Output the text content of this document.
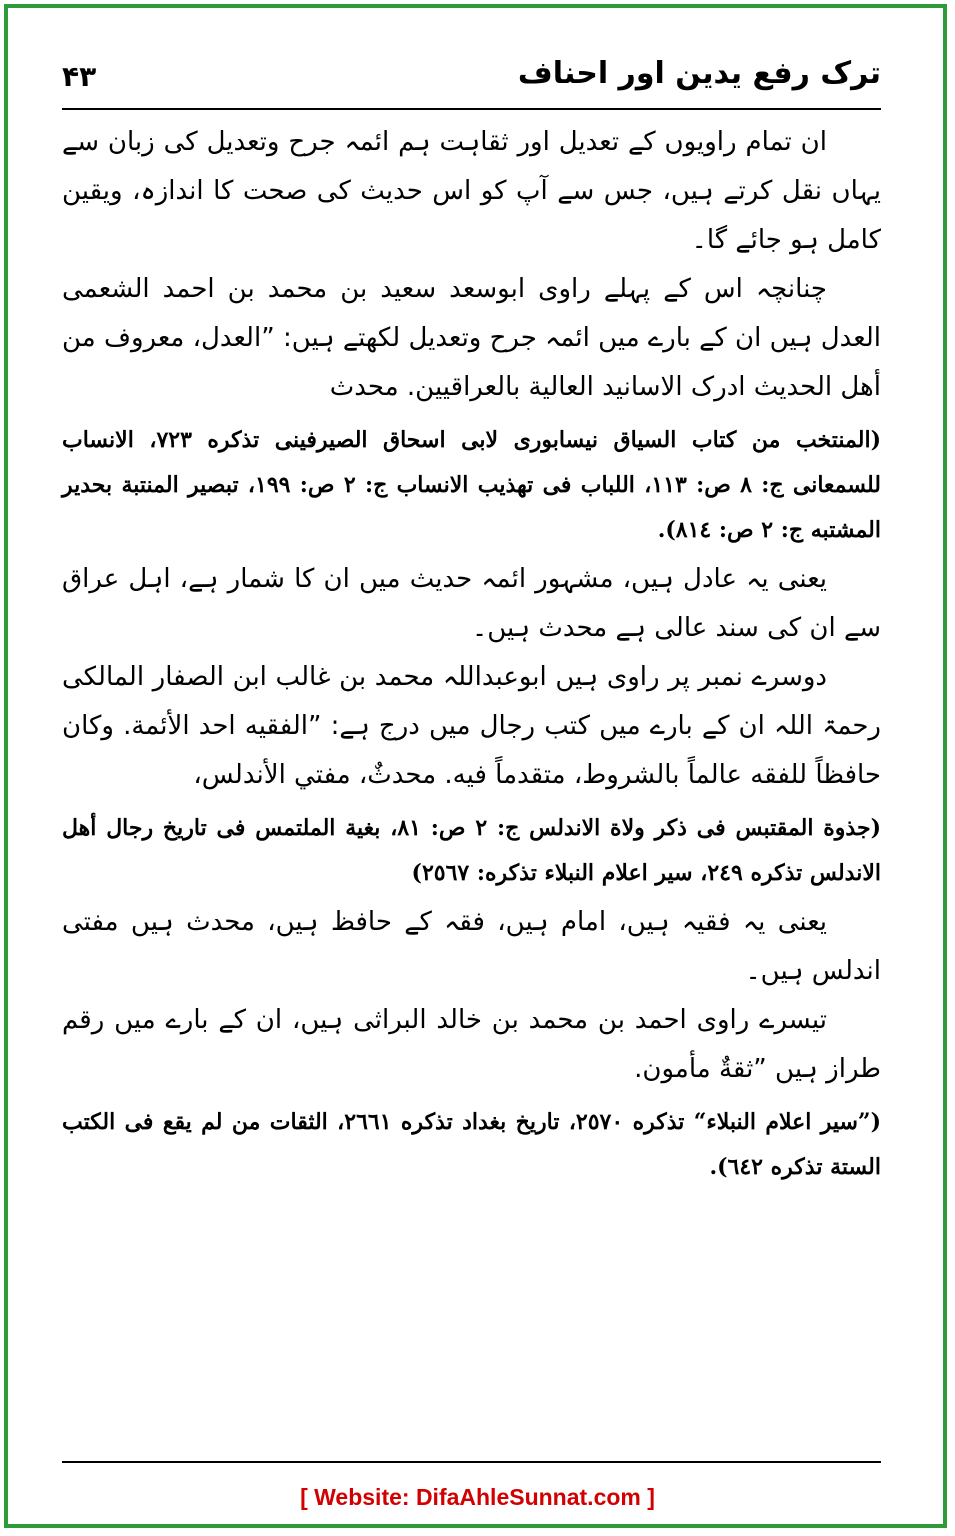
ترک رفع یدین اور احناف
۴۳

ان تمام راویوں کے تعدیل اور ثقاہت ہم ائمہ جرح وتعدیل کی زبان سے یہاں نقل کرتے ہیں، جس سے آپ کو اس حدیث کی صحت کا اندازہ، ویقین کامل ہو جائے گا۔

چنانچہ اس کے پہلے راوی ابوسعد سعید بن محمد بن احمد الشعمی العدل ہیں ان کے بارے میں ائمہ جرح وتعدیل لکھتے ہیں: ”العدل، معروف من أهل الحديث ادرک الاسانيد العالية بالعراقيين. محدث

(المنتخب من كتاب السياق نيسابورى لابى اسحاق الصيرفينى تذكره ٧٢٣، الانساب للسمعانى ج: ٨ ص: ١١٣، اللباب فى تهذيب الانساب ج: ٢ ص: ١٩٩، تبصير المنتبة بحدير المشتبه ج: ٢ ص: ٨١٤).

یعنی یہ عادل ہیں، مشہور ائمہ حدیث میں ان کا شمار ہے، اہل عراق سے ان کی سند عالی ہے محدث ہیں۔

دوسرے نمبر پر راوی ہیں ابوعبداللہ محمد بن غالب ابن الصفار المالکی رحمۃ اللہ ان کے بارے میں کتب رجال میں درج ہے: ”الفقيه احد الأئمة. وكان حافظاً للفقه عالماً بالشروط، متقدماً فيه. محدثٌ، مفتي الأندلس،

(جذوة المقتبس فى ذكر ولاة الاندلس ج: ٢ ص: ٨١، بغية الملتمس فى تاريخ رجال أهل الاندلس تذكره ٢٤٩، سير اعلام النبلاء تذكره: ٢٥٦٧)

یعنی یہ فقیہ ہیں، امام ہیں، فقہ کے حافظ ہیں، محدث ہیں مفتی اندلس ہیں۔

تیسرے راوی احمد بن محمد بن خالد البراثی ہیں، ان کے بارے میں رقم طراز ہیں ”ثقةٌ مأمون.

(”سير اعلام النبلاء“ تذكره ٢٥٧٠، تاريخ بغداد تذكره ٢٦٦١، الثقات من لم يقع فى الكتب الستة تذكره ٦٤٢).

[ Website: DifaAhleSunnat.com ]
